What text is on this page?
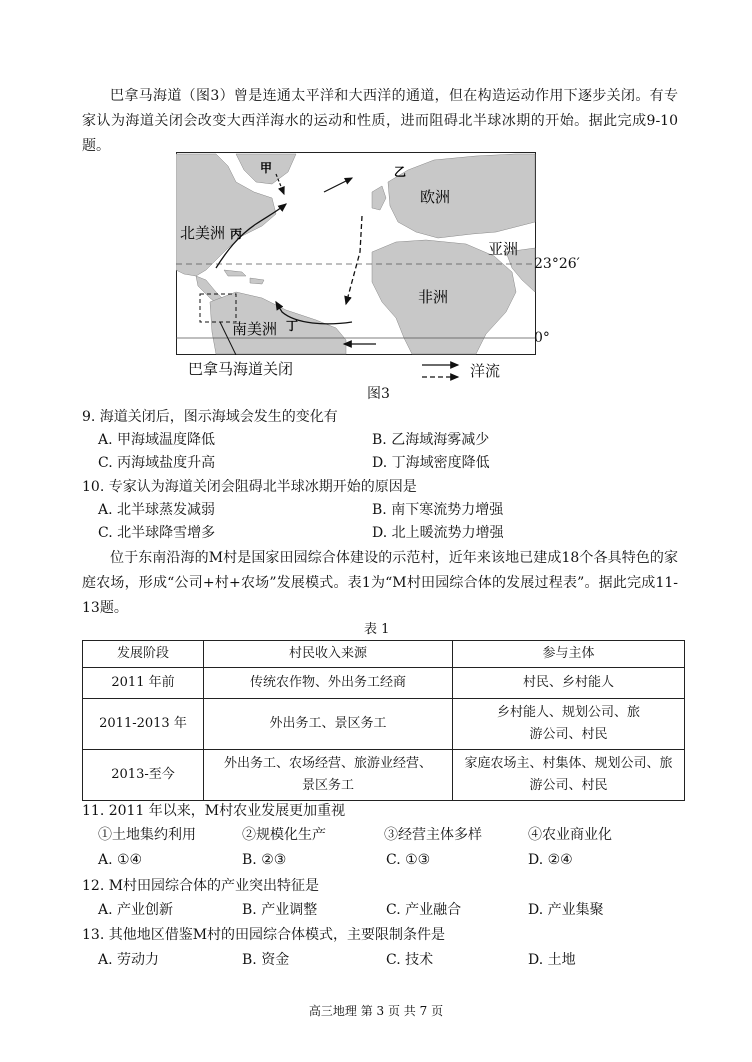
巴拿马海道（图3）曾是连通太平洋和大西洋的通道，但在构造运动作用下逐步关闭。有专家认为海道关闭会改变大西洋海水的运动和性质，进而阻碍北半球冰期的开始。据此完成9-10题。
甲	乙
丙
丁
欧洲
北美洲
亚洲
非洲
南美洲
23°26′
0°
巴拿马海道关闭	洋流
图3
9. 海道关闭后，图示海域会发生的变化有
A. 甲海域温度降低	B. 乙海域海雾减少
C. 丙海域盐度升高	D. 丁海域密度降低
10. 专家认为海道关闭会阻碍北半球冰期开始的原因是
A. 北半球蒸发减弱	B. 南下寒流势力增强
C. 北半球降雪增多	D. 北上暖流势力增强
位于东南沿海的M村是国家田园综合体建设的示范村，近年来该地已建成18个各具特色的家庭农场，形成“公司+村+农场”发展模式。表1为“M村田园综合体的发展过程表”。据此完成11-13题。
表 1
发展阶段	村民收入来源	参与主体
2011 年前	传统农作物、外出务工经商	村民、乡村能人
2011-2013 年	外出务工、景区务工	乡村能人、规划公司、旅游公司、村民
2013-至今	外出务工、农场经营、旅游业经营、景区务工	家庭农场主、村集体、规划公司、旅游公司、村民
11. 2011 年以来，M村农业发展更加重视
①土地集约利用	②规模化生产	③经营主体多样	④农业商业化
A. ①④	B. ②③	C. ①③	D. ②④
12. M村田园综合体的产业突出特征是
A. 产业创新	B. 产业调整	C. 产业融合	D. 产业集聚
13. 其他地区借鉴M村的田园综合体模式，主要限制条件是
A. 劳动力	B. 资金	C. 技术	D. 土地
高三地理 第 3 页 共 7 页
